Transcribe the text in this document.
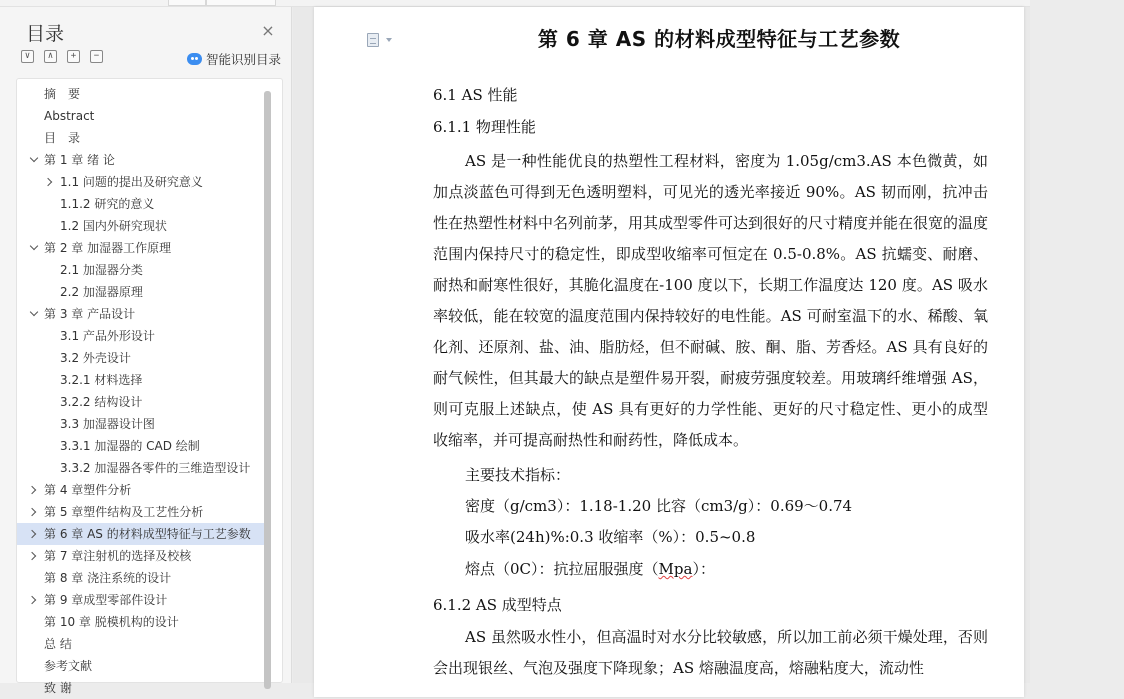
目录	×
∨	∧	+	−	智能识别目录
摘　要
Abstract
目　录
第 1 章 绪 论
1.1 问题的提出及研究意义
1.1.2 研究的意义
1.2 国内外研究现状
第 2 章 加湿器工作原理
2.1 加湿器分类
2.2 加湿器原理
第 3 章 产品设计
3.1 产品外形设计
3.2 外壳设计
3.2.1 材料选择
3.2.2 结构设计
3.3 加湿器设计图
3.3.1 加湿器的 CAD 绘制
3.3.2 加湿器各零件的三维造型设计
第 4 章塑件分析
第 5 章塑件结构及工艺性分析
第 6 章 AS 的材料成型特征与工艺参数
第 7 章注射机的选择及校核
第 8 章 浇注系统的设计
第 9 章成型零部件设计
第 10 章 脱模机构的设计
总 结
参考文献
致 谢
第 6 章 AS 的材料成型特征与工艺参数
6.1 AS 性能
6.1.1 物理性能
AS 是一种性能优良的热塑性工程材料，密度为 1.05g/cm3.AS 本色微黄，如加点淡蓝色可得到无色透明塑料，可见光的透光率接近 90%。AS 韧而刚，抗冲击性在热塑性材料中名列前茅，用其成型零件可达到很好的尺寸精度并能在很宽的温度范围内保持尺寸的稳定性，即成型收缩率可恒定在 0.5-0.8%。AS 抗蠕变、耐磨、耐热和耐寒性很好，其脆化温度在-100 度以下，长期工作温度达 120 度。AS 吸水率较低，能在较宽的温度范围内保持较好的电性能。AS 可耐室温下的水、稀酸、氧化剂、还原剂、盐、油、脂肪烃，但不耐碱、胺、酮、脂、芳香烃。AS 具有良好的耐气候性，但其最大的缺点是塑件易开裂，耐疲劳强度较差。用玻璃纤维增强 AS，则可克服上述缺点，使 AS 具有更好的力学性能、更好的尺寸稳定性、更小的成型收缩率，并可提高耐热性和耐药性，降低成本。
主要技术指标：
密度（g/cm3）：1.18-1.20 比容（cm3/g）：0.69～0.74
吸水率(24h)%:0.3 收缩率（%）：0.5~0.8
熔点（0C）：抗拉屈服强度（Mpa）：
6.1.2 AS 成型特点
AS 虽然吸水性小，但高温时对水分比较敏感，所以加工前必须干燥处理，否则会出现银丝、气泡及强度下降现象；AS 熔融温度高，熔融粘度大，流动性
